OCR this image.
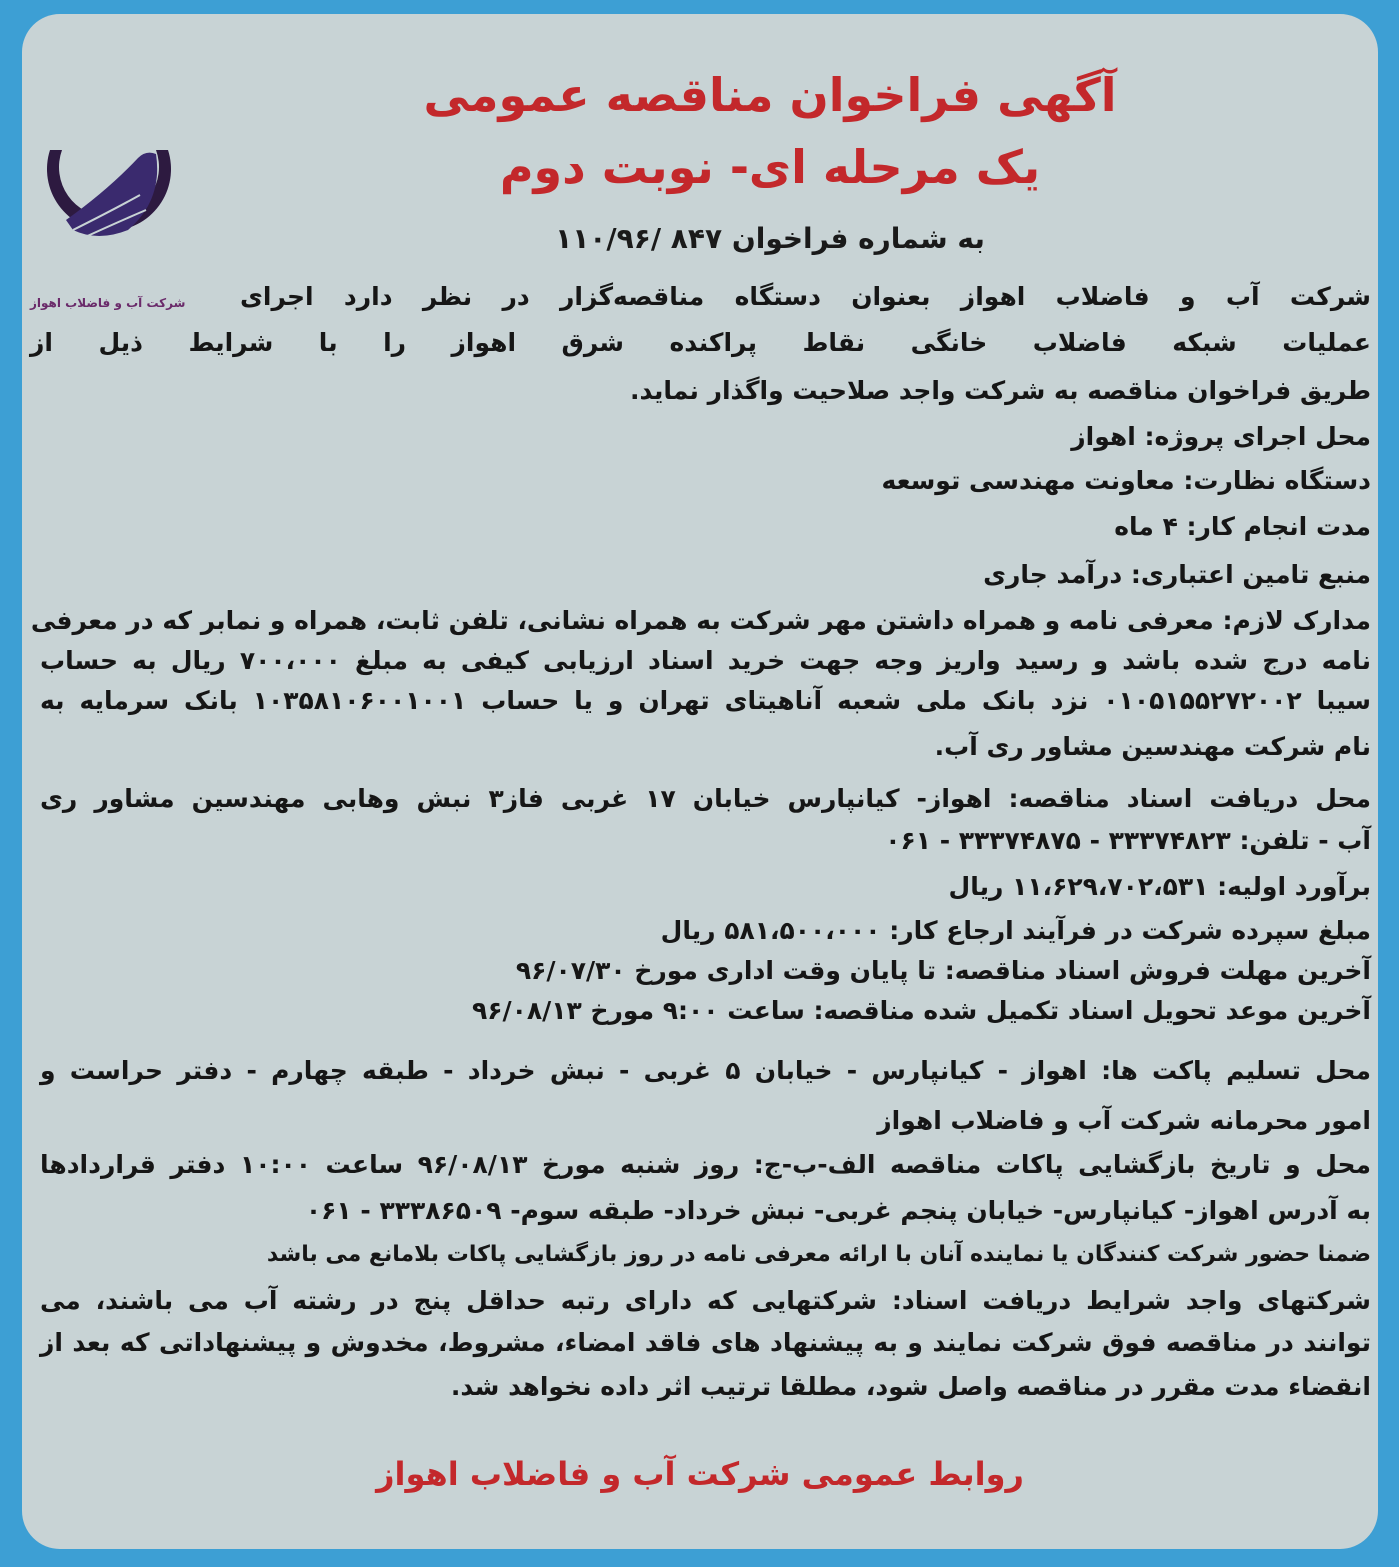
شرکت آب و فاضلاب اهواز
آگهی فراخوان مناقصه عمومی
یک مرحله ای- نوبت دوم
به شماره فراخوان ۸۴۷ /۱۱۰/۹۶
شرکت آب و فاضلاب اهواز بعنوان دستگاه مناقصه‌گزار در نظر دارد اجرای
عملیات شبکه فاضلاب خانگی نقاط پراکنده شرق اهواز را با شرایط ذیل از
طریق فراخوان مناقصه به شرکت واجد صلاحیت واگذار نماید.
محل اجرای پروژه: اهواز
دستگاه نظارت: معاونت مهندسی توسعه
مدت انجام کار: ۴ ماه
منبع تامین اعتباری: درآمد جاری
مدارک لازم: معرفی نامه و همراه داشتن مهر شرکت به همراه نشانی، تلفن ثابت، همراه و نمابر که در معرفی
نامه درج شده باشد و رسید واریز وجه جهت خرید اسناد ارزیابی کیفی به مبلغ ۷۰۰،۰۰۰ ریال به حساب
سیبا ۰۱۰۵۱۵۵۲۷۲۰۰۲ نزد بانک ملی شعبه آناهیتای تهران و یا حساب ۱۰۳۵۸۱۰۶۰۰۱۰۰۱ بانک سرمایه به
نام شرکت مهندسین مشاور ری آب.
محل دریافت اسناد مناقصه: اهواز- کیانپارس خیابان ۱۷ غربی فاز۳ نبش وهابی مهندسین مشاور ری
آب - تلفن: ۳۳۳۷۴۸۲۳ - ۳۳۳۷۴۸۷۵ - ۰۶۱
برآورد اولیه: ۱۱،۶۲۹،۷۰۲،۵۳۱ ریال
مبلغ سپرده شرکت در فرآیند ارجاع کار: ۵۸۱،۵۰۰،۰۰۰ ریال
آخرین مهلت فروش اسناد مناقصه: تا پایان وقت اداری مورخ ۹۶/۰۷/۳۰
آخرین موعد تحویل اسناد تکمیل شده مناقصه: ساعت ۹:۰۰ مورخ ۹۶/۰۸/۱۳
محل تسلیم پاکت ها: اهواز - کیانپارس - خیابان ۵ غربی - نبش خرداد - طبقه چهارم - دفتر حراست و
امور محرمانه شرکت آب و فاضلاب اهواز
محل و تاریخ بازگشایی پاکات مناقصه الف-ب-ج: روز شنبه مورخ ۹۶/۰۸/۱۳ ساعت ۱۰:۰۰ دفتر قراردادها
به آدرس اهواز- کیانپارس- خیابان پنجم غربی- نبش خرداد- طبقه سوم- ۳۳۳۸۶۵۰۹ - ۰۶۱
ضمنا حضور شرکت کنندگان یا نماینده آنان با ارائه معرفی نامه در روز بازگشایی پاکات بلامانع می باشد
شرکتهای واجد شرایط دریافت اسناد: شرکتهایی که دارای رتبه حداقل پنج در رشته آب می باشند، می
توانند در مناقصه فوق شرکت نمایند و به پیشنهاد های فاقد امضاء، مشروط، مخدوش و پیشنهاداتی که بعد از
انقضاء مدت مقرر در مناقصه واصل شود، مطلقا ترتیب اثر داده نخواهد شد.
روابط عمومی شرکت آب و فاضلاب اهواز
